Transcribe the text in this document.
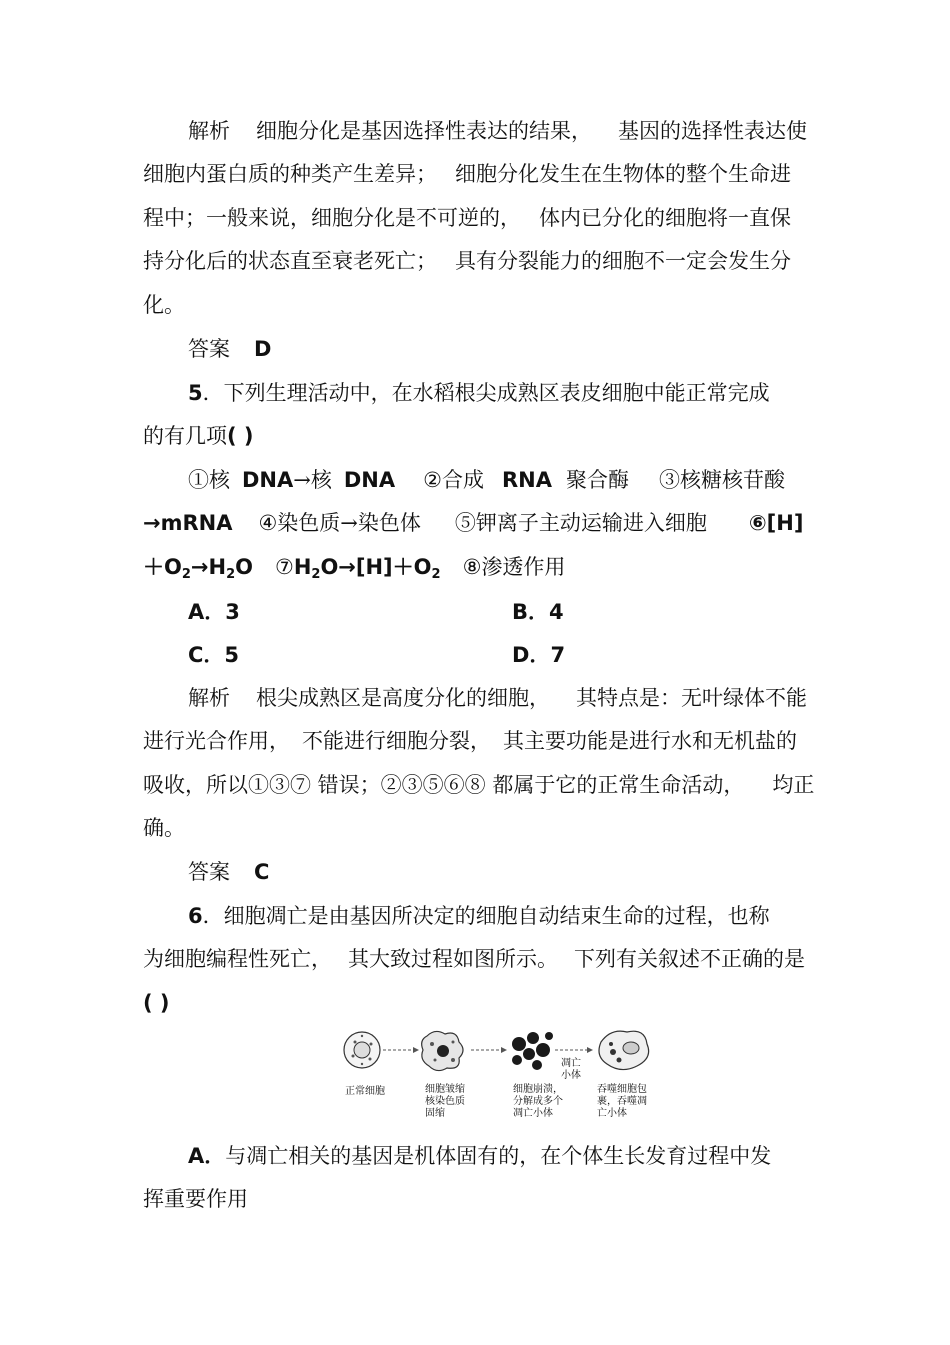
解析 细胞分化是基因选择性表达的结果， 基因的选择性表达使
细胞内蛋白质的种类产生差异； 细胞分化发生在生物体的整个生命进
程中；一般来说，细胞分化是不可逆的， 体内已分化的细胞将一直保
持分化后的状态直至衰老死亡； 具有分裂能力的细胞不一定会发生分
化。
答案 D
5．下列生理活动中，在水稻根尖成熟区表皮细胞中能正常完成
的有几项( )
①核 DNA→核 DNA ②合成 RNA 聚合酶 ③核糖核苷酸
→mRNA ④染色质→染色体 ⑤钾离子主动运输进入细胞 ⑥[H]
$+O_2\to H_2O$ $⑦H_2O\to[H]+O_2$ ⑧渗透作用
A．3	B．4
C．5	D．7
解析 根尖成熟区是高度分化的细胞， 其特点是：无叶绿体不能
进行光合作用， 不能进行细胞分裂， 其主要功能是进行水和无机盐的
吸收，所以①③⑦ 错误；②③⑤⑥⑧ 都属于它的正常生命活动， 均正
确。
答案 C
6．细胞凋亡是由基因所决定的细胞自动结束生命的过程，也称
为细胞编程性死亡， 其大致过程如图所示。 下列有关叙述不正确的是
( )
正常细胞	细胞皱缩
核染色质
固缩
细胞崩溃，
分解成多个
凋亡小体
凋亡
小体
吞噬细胞包
裹，吞噬凋
亡小体
A．与凋亡相关的基因是机体固有的，在个体生长发育过程中发
挥重要作用
